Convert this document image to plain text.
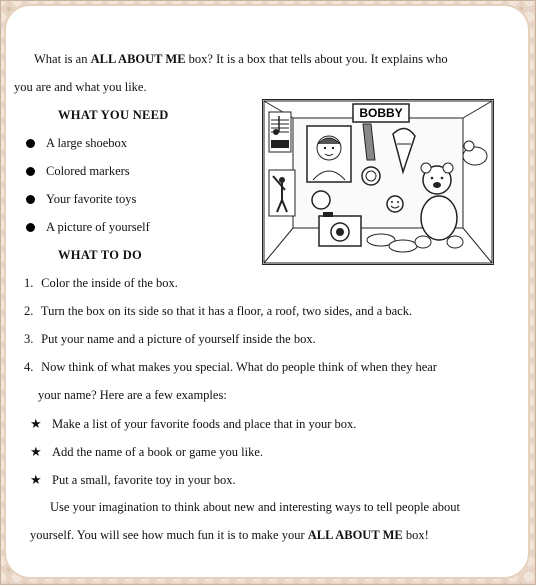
What is an ALL ABOUT ME box? It is a box that tells about you. It explains who
you are and what you like.
WHAT YOU NEED
A large shoebox
Colored markers
Your favorite toys
A picture of yourself
WHAT TO DO
1. Color the inside of the box.
2. Turn the box on its side so that it has a floor, a roof, two sides, and a back.
3. Put your name and a picture of yourself inside the box.
4. Now think of what makes you special. What do people think of when they hear
your name? Here are a few examples:
★ Make a list of your favorite foods and place that in your box.
★ Add the name of a book or game you like.
★ Put a small, favorite toy in your box.
Use your imagination to think about new and interesting ways to tell people about
yourself. You will see how much fun it is to make your ALL ABOUT ME box!
BOBBY
